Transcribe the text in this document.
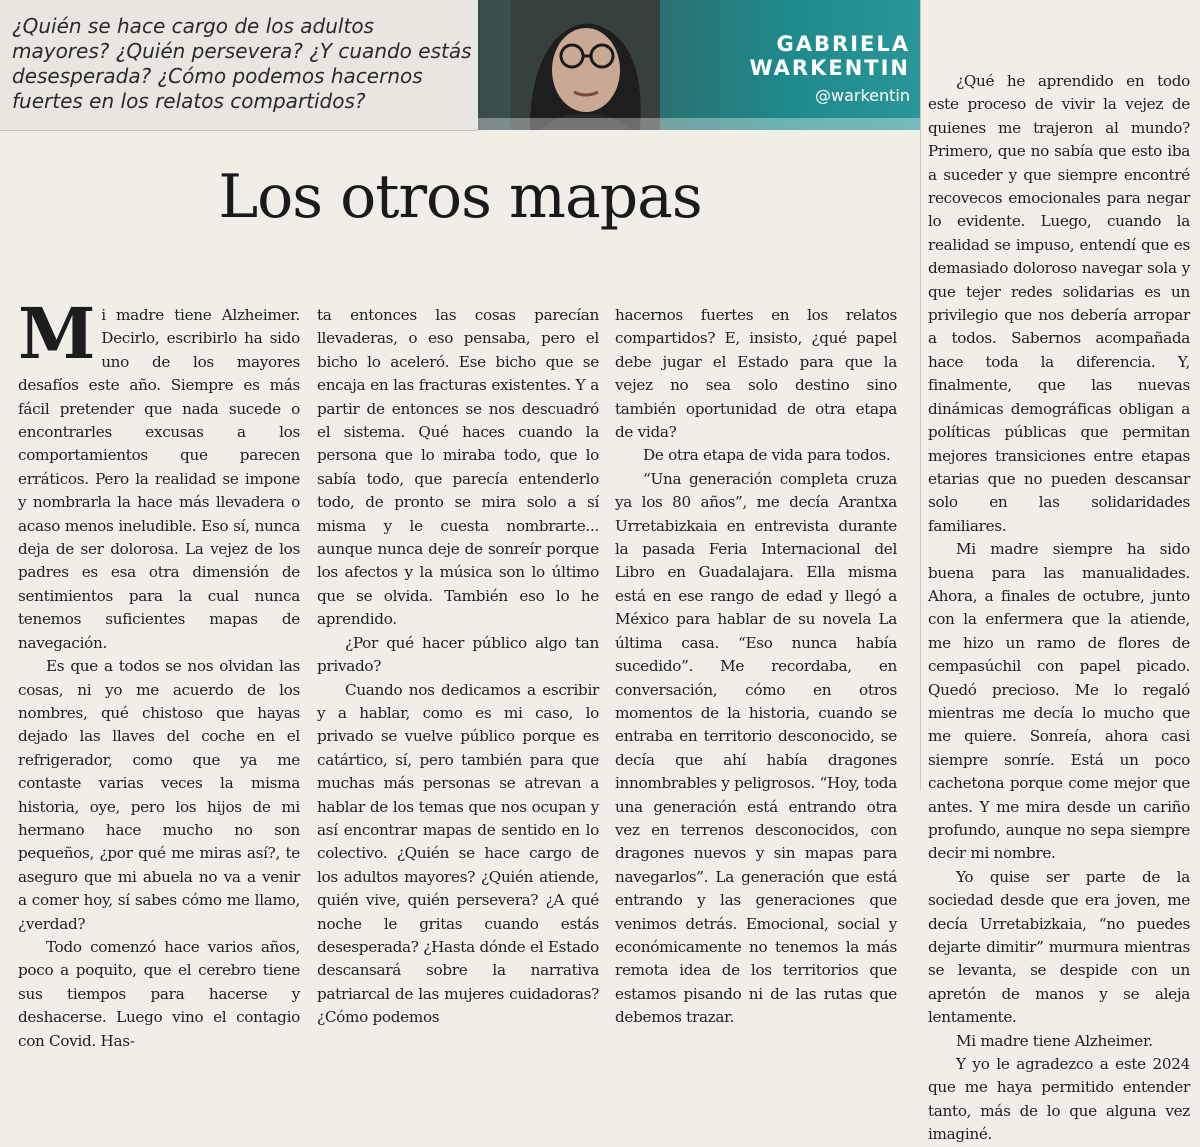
¿Quién se hace cargo de los adultos mayores? ¿Quién persevera? ¿Y cuando estás desesperada? ¿Cómo podemos hacernos fuertes en los relatos compartidos?

GABRIELA WARKENTIN

@warkentin
Los otros mapas

Mi madre tiene Alzheimer. Decirlo, escribirlo ha sido uno de los mayores desafíos este año. Siempre es más fácil pretender que nada sucede o encontrarles excusas a los comportamientos que parecen erráticos. Pero la realidad se impone y nombrarla la hace más llevadera o acaso menos ineludible. Eso sí, nunca deja de ser dolorosa. La vejez de los padres es esa otra dimensión de sentimientos para la cual nunca tenemos suficientes mapas de navegación.

Es que a todos se nos olvidan las cosas, ni yo me acuerdo de los nombres, qué chistoso que hayas dejado las llaves del coche en el refrigerador, como que ya me contaste varias veces la misma historia, oye, pero los hijos de mi hermano hace mucho no son pequeños, ¿por qué me miras así?, te aseguro que mi abuela no va a venir a comer hoy, sí sabes cómo me llamo, ¿verdad?

Todo comenzó hace varios años, poco a poquito, que el cerebro tiene sus tiempos para hacerse y deshacerse. Luego vino el contagio con Covid. Has-

ta entonces las cosas parecían llevaderas, o eso pensaba, pero el bicho lo aceleró. Ese bicho que se encaja en las fracturas existentes. Y a partir de entonces se nos descuadró el sistema. Qué haces cuando la persona que lo miraba todo, que lo sabía todo, que parecía entenderlo todo, de pronto se mira solo a sí misma y le cuesta nombrarte... aunque nunca deje de sonreír porque los afectos y la música son lo último que se olvida. También eso lo he aprendido.

¿Por qué hacer público algo tan privado?

Cuando nos dedicamos a escribir y a hablar, como es mi caso, lo privado se vuelve público porque es catártico, sí, pero también para que muchas más personas se atrevan a hablar de los temas que nos ocupan y así encontrar mapas de sentido en lo colectivo. ¿Quién se hace cargo de los adultos mayores? ¿Quién atiende, quién vive, quién persevera? ¿A qué noche le gritas cuando estás desesperada? ¿Hasta dónde el Estado descansará sobre la narrativa patriarcal de las mujeres cuidadoras? ¿Cómo podemos

hacernos fuertes en los relatos compartidos? E, insisto, ¿qué papel debe jugar el Estado para que la vejez no sea solo destino sino también oportunidad de otra etapa de vida?

De otra etapa de vida para todos.

“Una generación completa cruza ya los 80 años”, me decía Arantxa Urretabizkaia en entrevista durante la pasada Feria Internacional del Libro en Guadalajara. Ella misma está en ese rango de edad y llegó a México para hablar de su novela La última casa. “Eso nunca había sucedido”. Me recordaba, en conversación, cómo en otros momentos de la historia, cuando se entraba en territorio desconocido, se decía que ahí había dragones innombrables y peligrosos. “Hoy, toda una generación está entrando otra vez en terrenos desconocidos, con dragones nuevos y sin mapas para navegarlos”. La generación que está entrando y las generaciones que venimos detrás. Emocional, social y económicamente no tenemos la más remota idea de los territorios que estamos pisando ni de las rutas que debemos trazar.

¿Qué he aprendido en todo este proceso de vivir la vejez de quienes me trajeron al mundo? Primero, que no sabía que esto iba a suceder y que siempre encontré recovecos emocionales para negar lo evidente. Luego, cuando la realidad se impuso, entendí que es demasiado doloroso navegar sola y que tejer redes solidarias es un privilegio que nos debería arropar a todos. Sabernos acompañada hace toda la diferencia. Y, finalmente, que las nuevas dinámicas demográficas obligan a políticas públicas que permitan mejores transiciones entre etapas etarias que no pueden descansar solo en las solidaridades familiares.

Mi madre siempre ha sido buena para las manualidades. Ahora, a finales de octubre, junto con la enfermera que la atiende, me hizo un ramo de flores de cempasúchil con papel picado. Quedó precioso. Me lo regaló mientras me decía lo mucho que me quiere. Sonreía, ahora casi siempre sonríe. Está un poco cachetona porque come mejor que antes. Y me mira desde un cariño profundo, aunque no sepa siempre decir mi nombre.

Yo quise ser parte de la sociedad desde que era joven, me decía Urretabizkaia, “no puedes dejarte dimitir” murmura mientras se levanta, se despide con un apretón de manos y se aleja lentamente.

Mi madre tiene Alzheimer.

Y yo le agradezco a este 2024 que me haya permitido entender tanto, más de lo que alguna vez imaginé.
